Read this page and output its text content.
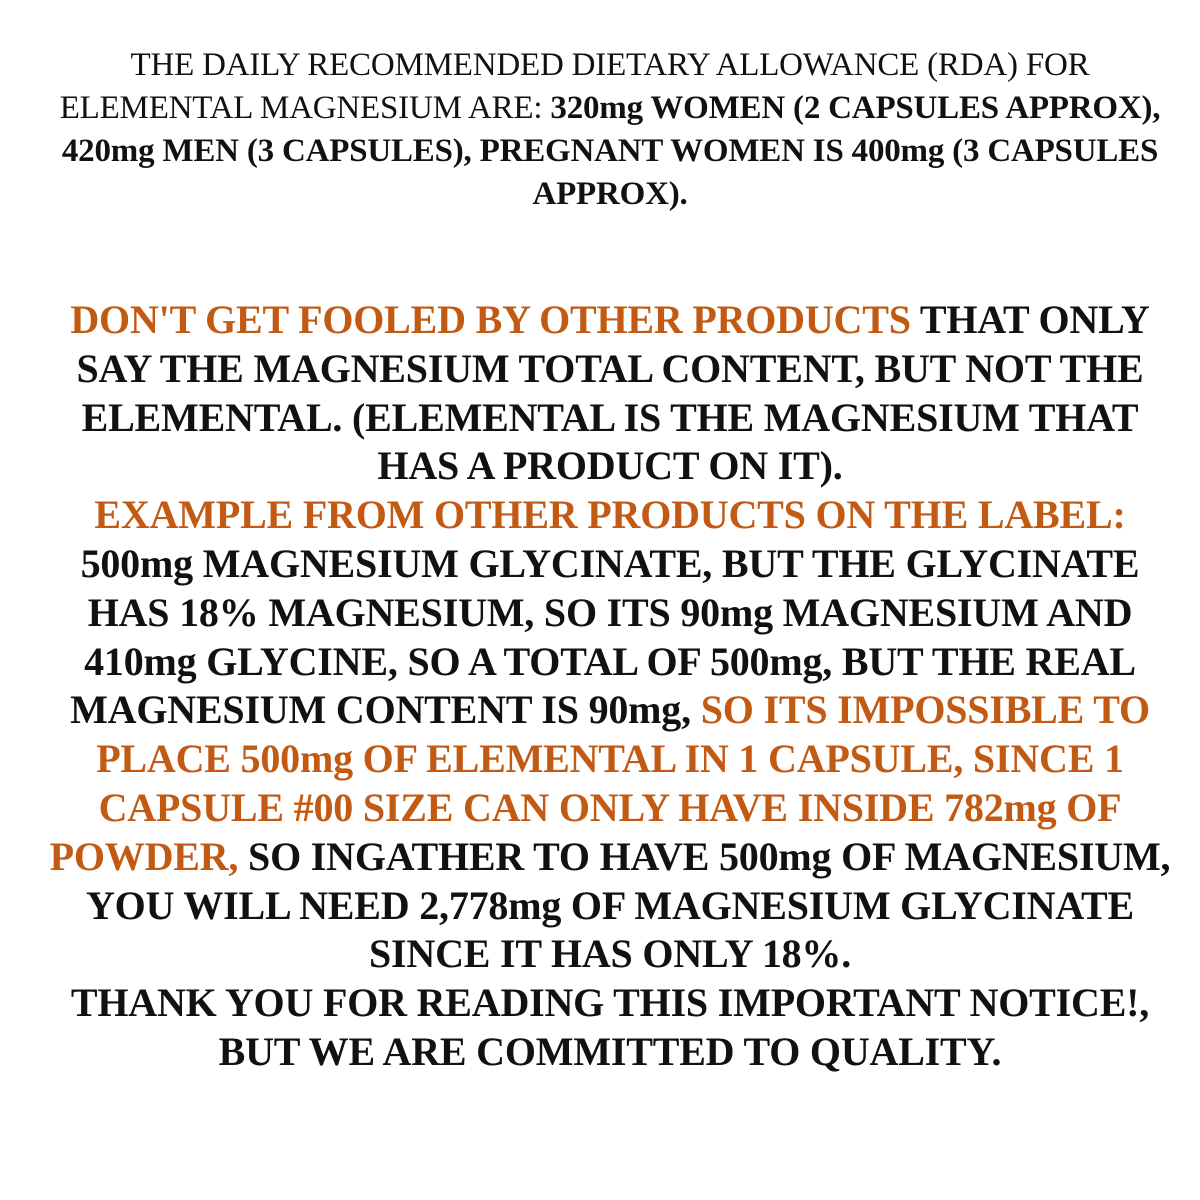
THE DAILY RECOMMENDED DIETARY ALLOWANCE (RDA) FOR ELEMENTAL MAGNESIUM ARE: 320mg WOMEN (2 CAPSULES APPROX), 420mg MEN (3 CAPSULES), PREGNANT WOMEN IS 400mg (3 CAPSULES APPROX).

DON'T GET FOOLED BY OTHER PRODUCTS THAT ONLY SAY THE MAGNESIUM TOTAL CONTENT, BUT NOT THE ELEMENTAL. (ELEMENTAL IS THE MAGNESIUM THAT HAS A PRODUCT ON IT).
EXAMPLE FROM OTHER PRODUCTS ON THE LABEL: 500mg MAGNESIUM GLYCINATE, BUT THE GLYCINATE HAS 18% MAGNESIUM, SO ITS 90mg MAGNESIUM AND 410mg GLYCINE, SO A TOTAL OF 500mg, BUT THE REAL MAGNESIUM CONTENT IS 90mg, SO ITS IMPOSSIBLE TO PLACE 500mg OF ELEMENTAL IN 1 CAPSULE, SINCE 1 CAPSULE #00 SIZE CAN ONLY HAVE INSIDE 782mg OF POWDER, SO INGATHER TO HAVE 500mg OF MAGNESIUM, YOU WILL NEED 2,778mg OF MAGNESIUM GLYCINATE SINCE IT HAS ONLY 18%.
THANK YOU FOR READING THIS IMPORTANT NOTICE!, BUT WE ARE COMMITTED TO QUALITY.
